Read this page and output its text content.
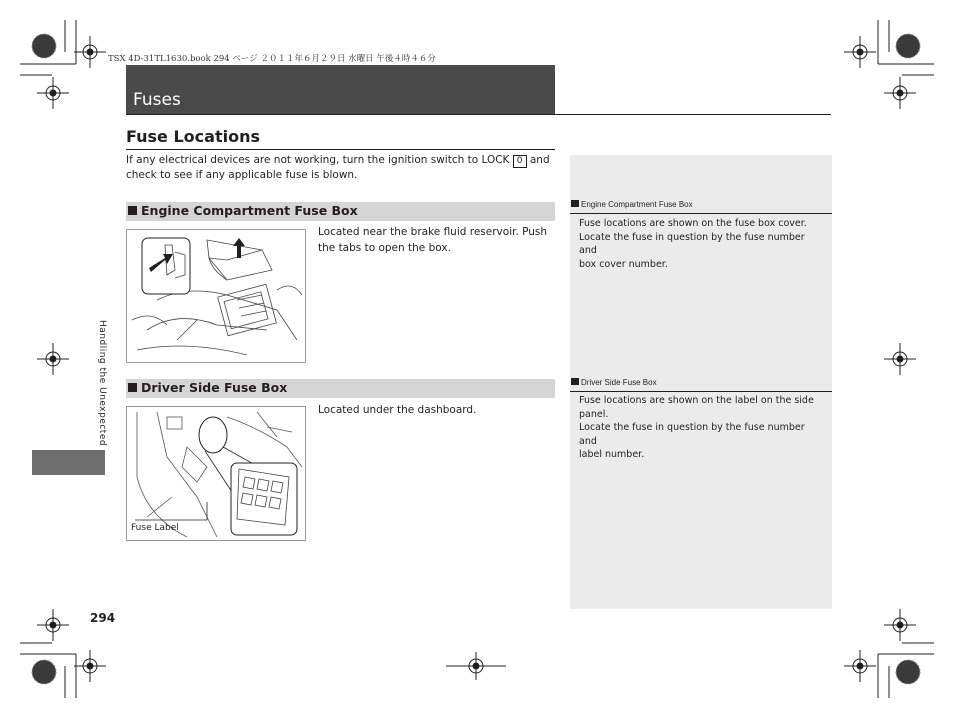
TSX 4D-31TL1630.book 294 ページ ２０１１年６月２９日 水曜日 午後４時４６分
Fuses
Fuse Locations
If any electrical devices are not working, turn the ignition switch to LOCK 0 and
check to see if any applicable fuse is blown.
Engine Compartment Fuse Box
Located near the brake fluid reservoir. Push
the tabs to open the box.
Driver Side Fuse Box
Fuse Label
Located under the dashboard.
Engine Compartment Fuse Box
Fuse locations are shown on the fuse box cover.
Locate the fuse in question by the fuse number and
box cover number.
Driver Side Fuse Box
Fuse locations are shown on the label on the side
panel.
Locate the fuse in question by the fuse number and
label number.
Handling the Unexpected
294
